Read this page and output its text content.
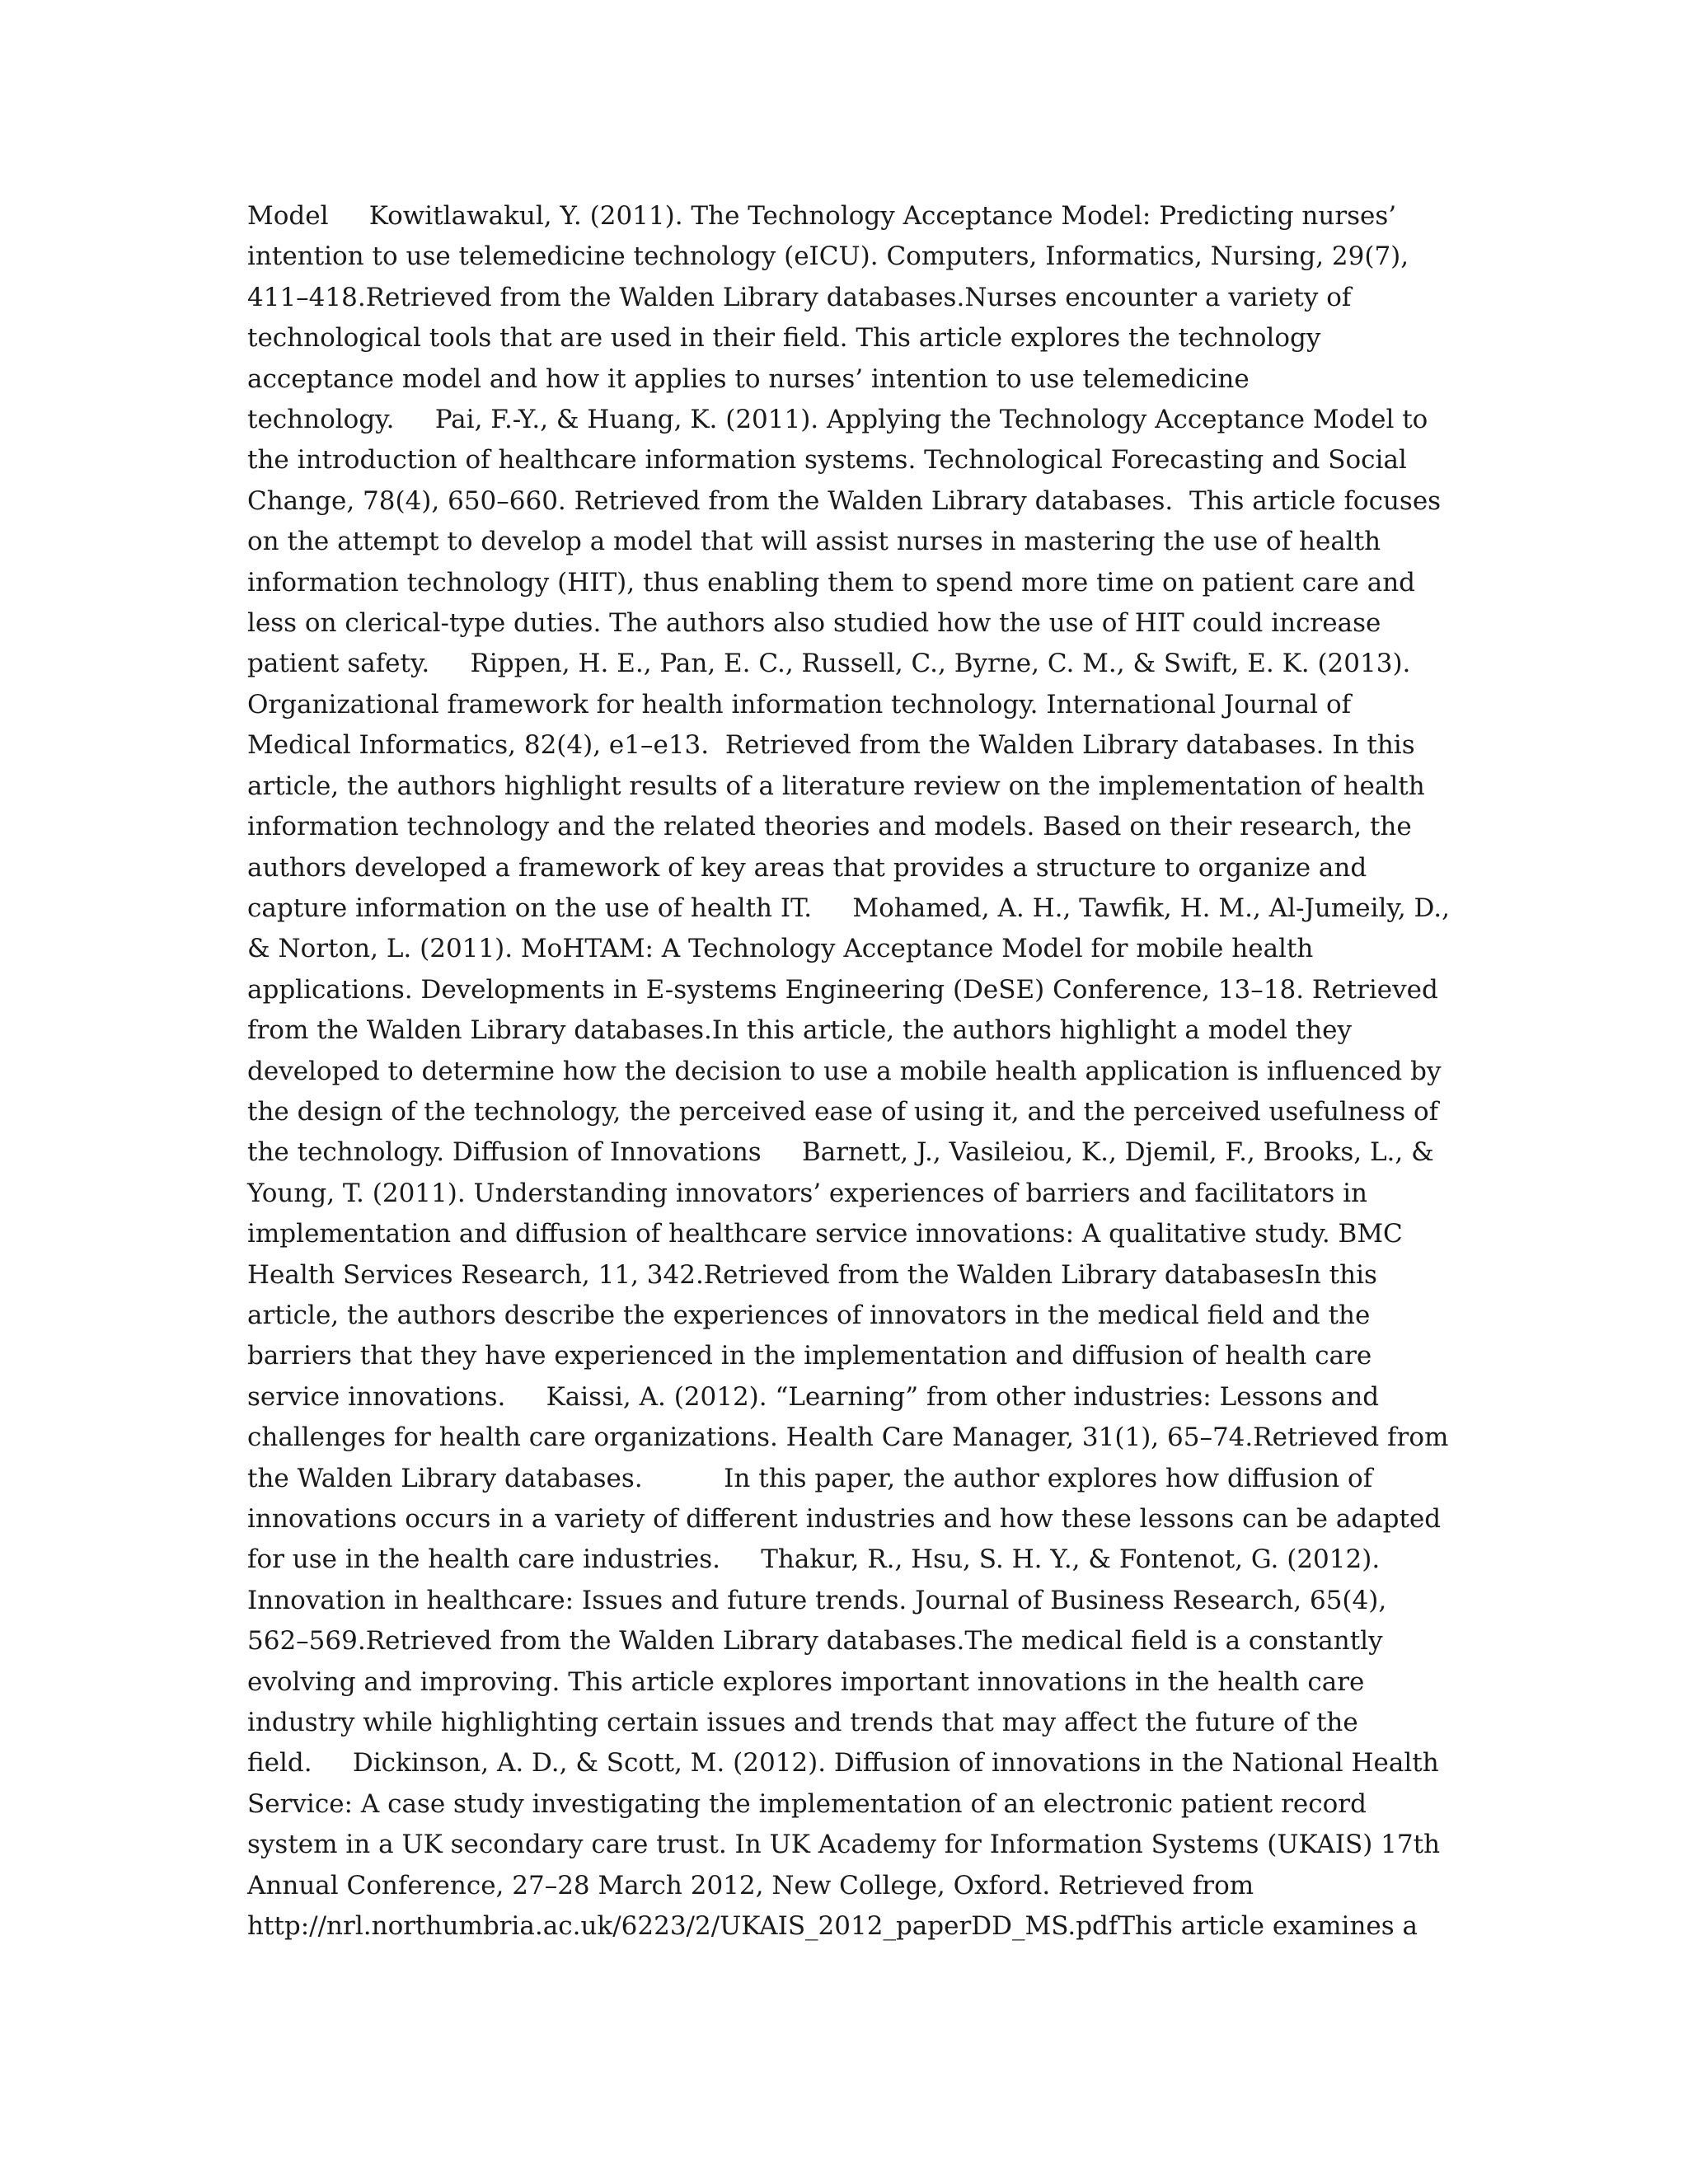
Model     Kowitlawakul, Y. (2011). The Technology Acceptance Model: Predicting nurses’
intention to use telemedicine technology (eICU). Computers, Informatics, Nursing, 29(7),
411–418.Retrieved from the Walden Library databases.Nurses encounter a variety of
technological tools that are used in their field. This article explores the technology
acceptance model and how it applies to nurses’ intention to use telemedicine
technology.     Pai, F.-Y., & Huang, K. (2011). Applying the Technology Acceptance Model to
the introduction of healthcare information systems. Technological Forecasting and Social
Change, 78(4), 650–660. Retrieved from the Walden Library databases.  This article focuses
on the attempt to develop a model that will assist nurses in mastering the use of health
information technology (HIT), thus enabling them to spend more time on patient care and
less on clerical-type duties. The authors also studied how the use of HIT could increase
patient safety.     Rippen, H. E., Pan, E. C., Russell, C., Byrne, C. M., & Swift, E. K. (2013).
Organizational framework for health information technology. International Journal of
Medical Informatics, 82(4), e1–e13.  Retrieved from the Walden Library databases. In this
article, the authors highlight results of a literature review on the implementation of health
information technology and the related theories and models. Based on their research, the
authors developed a framework of key areas that provides a structure to organize and
capture information on the use of health IT.     Mohamed, A. H., Tawfik, H. M., Al-Jumeily, D.,
& Norton, L. (2011). MoHTAM: A Technology Acceptance Model for mobile health
applications. Developments in E-systems Engineering (DeSE) Conference, 13–18. Retrieved
from the Walden Library databases.In this article, the authors highlight a model they
developed to determine how the decision to use a mobile health application is influenced by
the design of the technology, the perceived ease of using it, and the perceived usefulness of
the technology. Diffusion of Innovations     Barnett, J., Vasileiou, K., Djemil, F., Brooks, L., &
Young, T. (2011). Understanding innovators’ experiences of barriers and facilitators in
implementation and diffusion of healthcare service innovations: A qualitative study. BMC
Health Services Research, 11, 342.Retrieved from the Walden Library databasesIn this
article, the authors describe the experiences of innovators in the medical field and the
barriers that they have experienced in the implementation and diffusion of health care
service innovations.     Kaissi, A. (2012). “Learning” from other industries: Lessons and
challenges for health care organizations. Health Care Manager, 31(1), 65–74.Retrieved from
the Walden Library databases.          In this paper, the author explores how diffusion of
innovations occurs in a variety of different industries and how these lessons can be adapted
for use in the health care industries.     Thakur, R., Hsu, S. H. Y., & Fontenot, G. (2012).
Innovation in healthcare: Issues and future trends. Journal of Business Research, 65(4),
562–569.Retrieved from the Walden Library databases.The medical field is a constantly
evolving and improving. This article explores important innovations in the health care
industry while highlighting certain issues and trends that may affect the future of the
field.     Dickinson, A. D., & Scott, M. (2012). Diffusion of innovations in the National Health
Service: A case study investigating the implementation of an electronic patient record
system in a UK secondary care trust. In UK Academy for Information Systems (UKAIS) 17th
Annual Conference, 27–28 March 2012, New College, Oxford. Retrieved from
http://nrl.northumbria.ac.uk/6223/2/UKAIS_2012_paperDD_MS.pdfThis article examines a
